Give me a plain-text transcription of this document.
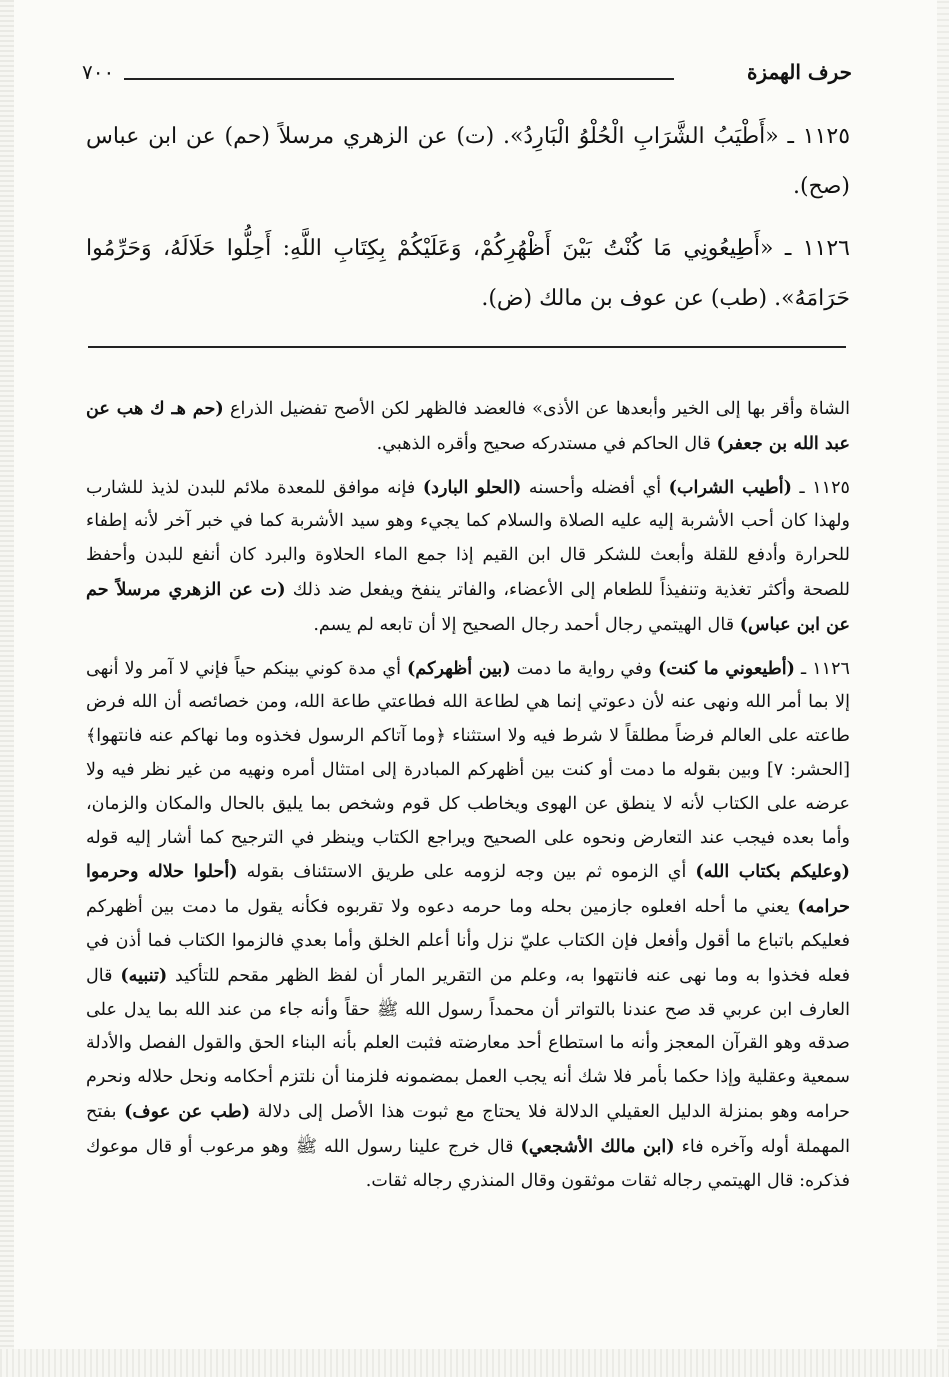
٧٠٠	حرف الهمزة

١١٢٥ ـ «أَطْيَبُ الشَّرَابِ الْحُلْوُ الْبَارِدُ». (ت) عن الزهري مرسلاً (حم) عن ابن عباس (صح).

١١٢٦ ـ «أَطِيعُونِي مَا كُنْتُ بَيْنَ أَظْهُرِكُمْ، وَعَلَيْكُمْ بِكِتَابِ اللَّهِ: أَحِلُّوا حَلَالَهُ، وَحَرِّمُوا حَرَامَهُ». (طب) عن عوف بن مالك (ض).

الشاة وأقر بها إلى الخير وأبعدها عن الأذى» فالعضد فالظهر لكن الأصح تفضيل الذراع (حم هـ ك هب عن عبد الله بن جعفر) قال الحاكم في مستدركه صحيح وأقره الذهبي.

١١٢٥ ـ (أطيب الشراب) أي أفضله وأحسنه (الحلو البارد) فإنه موافق للمعدة ملائم للبدن لذيذ للشارب ولهذا كان أحب الأشربة إليه عليه الصلاة والسلام كما يجيء وهو سيد الأشربة كما في خبر آخر لأنه إطفاء للحرارة وأدفع للقلة وأبعث للشكر قال ابن القيم إذا جمع الماء الحلاوة والبرد كان أنفع للبدن وأحفظ للصحة وأكثر تغذية وتنفيذاً للطعام إلى الأعضاء، والفاتر ينفخ ويفعل ضد ذلك (ت عن الزهري مرسلاً حم عن ابن عباس) قال الهيتمي رجال أحمد رجال الصحيح إلا أن تابعه لم يسم.

١١٢٦ ـ (أطيعوني ما كنت) وفي رواية ما دمت (بين أظهركم) أي مدة كوني بينكم حياً فإني لا آمر ولا أنهى إلا بما أمر الله ونهى عنه لأن دعوتي إنما هي لطاعة الله فطاعتي طاعة الله، ومن خصائصه أن الله فرض طاعته على العالم فرضاً مطلقاً لا شرط فيه ولا استثناء ﴿وما آتاكم الرسول فخذوه وما نهاكم عنه فانتهوا﴾ [الحشر: ٧] وبين بقوله ما دمت أو كنت بين أظهركم المبادرة إلى امتثال أمره ونهيه من غير نظر فيه ولا عرضه على الكتاب لأنه لا ينطق عن الهوى ويخاطب كل قوم وشخص بما يليق بالحال والمكان والزمان، وأما بعده فيجب عند التعارض ونحوه على الصحيح ويراجع الكتاب وينظر في الترجيح كما أشار إليه قوله (وعليكم بكتاب الله) أي الزموه ثم بين وجه لزومه على طريق الاستئناف بقوله (أحلوا حلاله وحرموا حرامه) يعني ما أحله افعلوه جازمين بحله وما حرمه دعوه ولا تقربوه فكأنه يقول ما دمت بين أظهركم فعليكم باتباع ما أقول وأفعل فإن الكتاب عليّ نزل وأنا أعلم الخلق وأما بعدي فالزموا الكتاب فما أذن في فعله فخذوا به وما نهى عنه فانتهوا به، وعلم من التقرير المار أن لفظ الظهر مقحم للتأكيد (تنبيه) قال العارف ابن عربي قد صح عندنا بالتواتر أن محمداً رسول الله ﷺ حقاً وأنه جاء من عند الله بما يدل على صدقه وهو القرآن المعجز وأنه ما استطاع أحد معارضته فثبت العلم بأنه البناء الحق والقول الفصل والأدلة سمعية وعقلية وإذا حكما بأمر فلا شك أنه يجب العمل بمضمونه فلزمنا أن نلتزم أحكامه ونحل حلاله ونحرم حرامه وهو بمنزلة الدليل العقيلي الدلالة فلا يحتاج مع ثبوت هذا الأصل إلى دلالة (طب عن عوف) بفتح المهملة أوله وآخره فاء (ابن مالك الأشجعي) قال خرج علينا رسول الله ﷺ وهو مرعوب أو قال موعوك فذكره: قال الهيتمي رجاله ثقات موثقون وقال المنذري رجاله ثقات.
